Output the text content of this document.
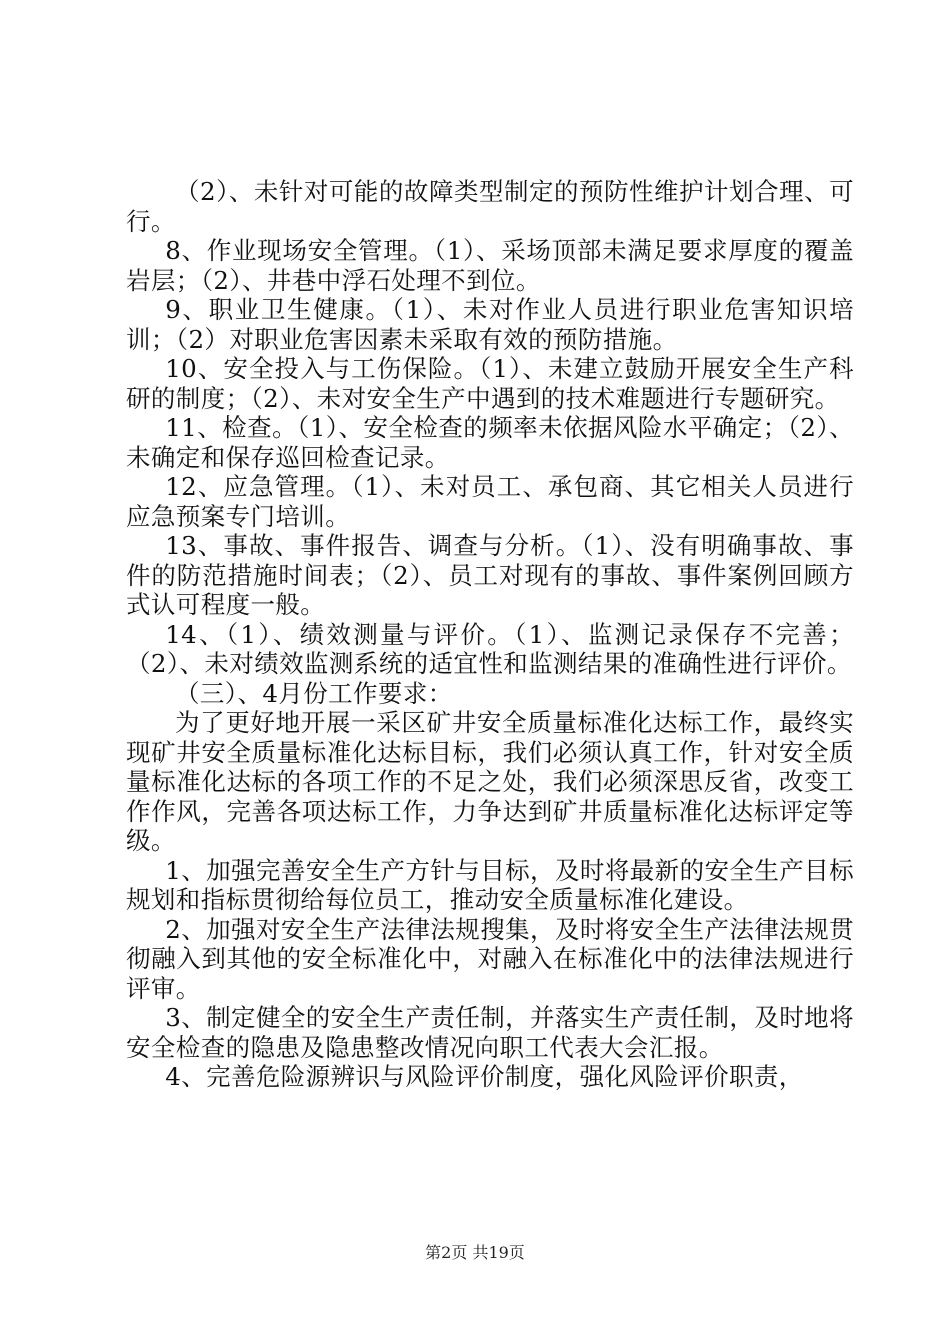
（2）、未针对可能的故障类型制定的预防性维护计划合理、可行。

8、作业现场安全管理。（1）、采场顶部未满足要求厚度的覆盖岩层；（2）、井巷中浮石处理不到位。

9、职业卫生健康。（1）、未对作业人员进行职业危害知识培训；（2）对职业危害因素未采取有效的预防措施。

10、安全投入与工伤保险。（1）、未建立鼓励开展安全生产科研的制度；（2）、未对安全生产中遇到的技术难题进行专题研究。

11、检查。（1）、安全检查的频率未依据风险水平确定；（2）、未确定和保存巡回检查记录。

12、应急管理。（1）、未对员工、承包商、其它相关人员进行应急预案专门培训。

13、事故、事件报告、调查与分析。（1）、没有明确事故、事件的防范措施时间表；（2）、员工对现有的事故、事件案例回顾方式认可程度一般。

14、（1）、绩效测量与评价。（1）、监测记录保存不完善；（2）、未对绩效监测系统的适宜性和监测结果的准确性进行评价。

（三）、4月份工作要求：

为了更好地开展一采区矿井安全质量标准化达标工作，最终实现矿井安全质量标准化达标目标，我们必须认真工作，针对安全质量标准化达标的各项工作的不足之处，我们必须深思反省，改变工作作风，完善各项达标工作，力争达到矿井质量标准化达标评定等级。

1、加强完善安全生产方针与目标，及时将最新的安全生产目标规划和指标贯彻给每位员工，推动安全质量标准化建设。

2、加强对安全生产法律法规搜集，及时将安全生产法律法规贯彻融入到其他的安全标准化中，对融入在标准化中的法律法规进行评审。

3、制定健全的安全生产责任制，并落实生产责任制，及时地将安全检查的隐患及隐患整改情况向职工代表大会汇报。

4、完善危险源辨识与风险评价制度，强化风险评价职责，

第2页 共19页
